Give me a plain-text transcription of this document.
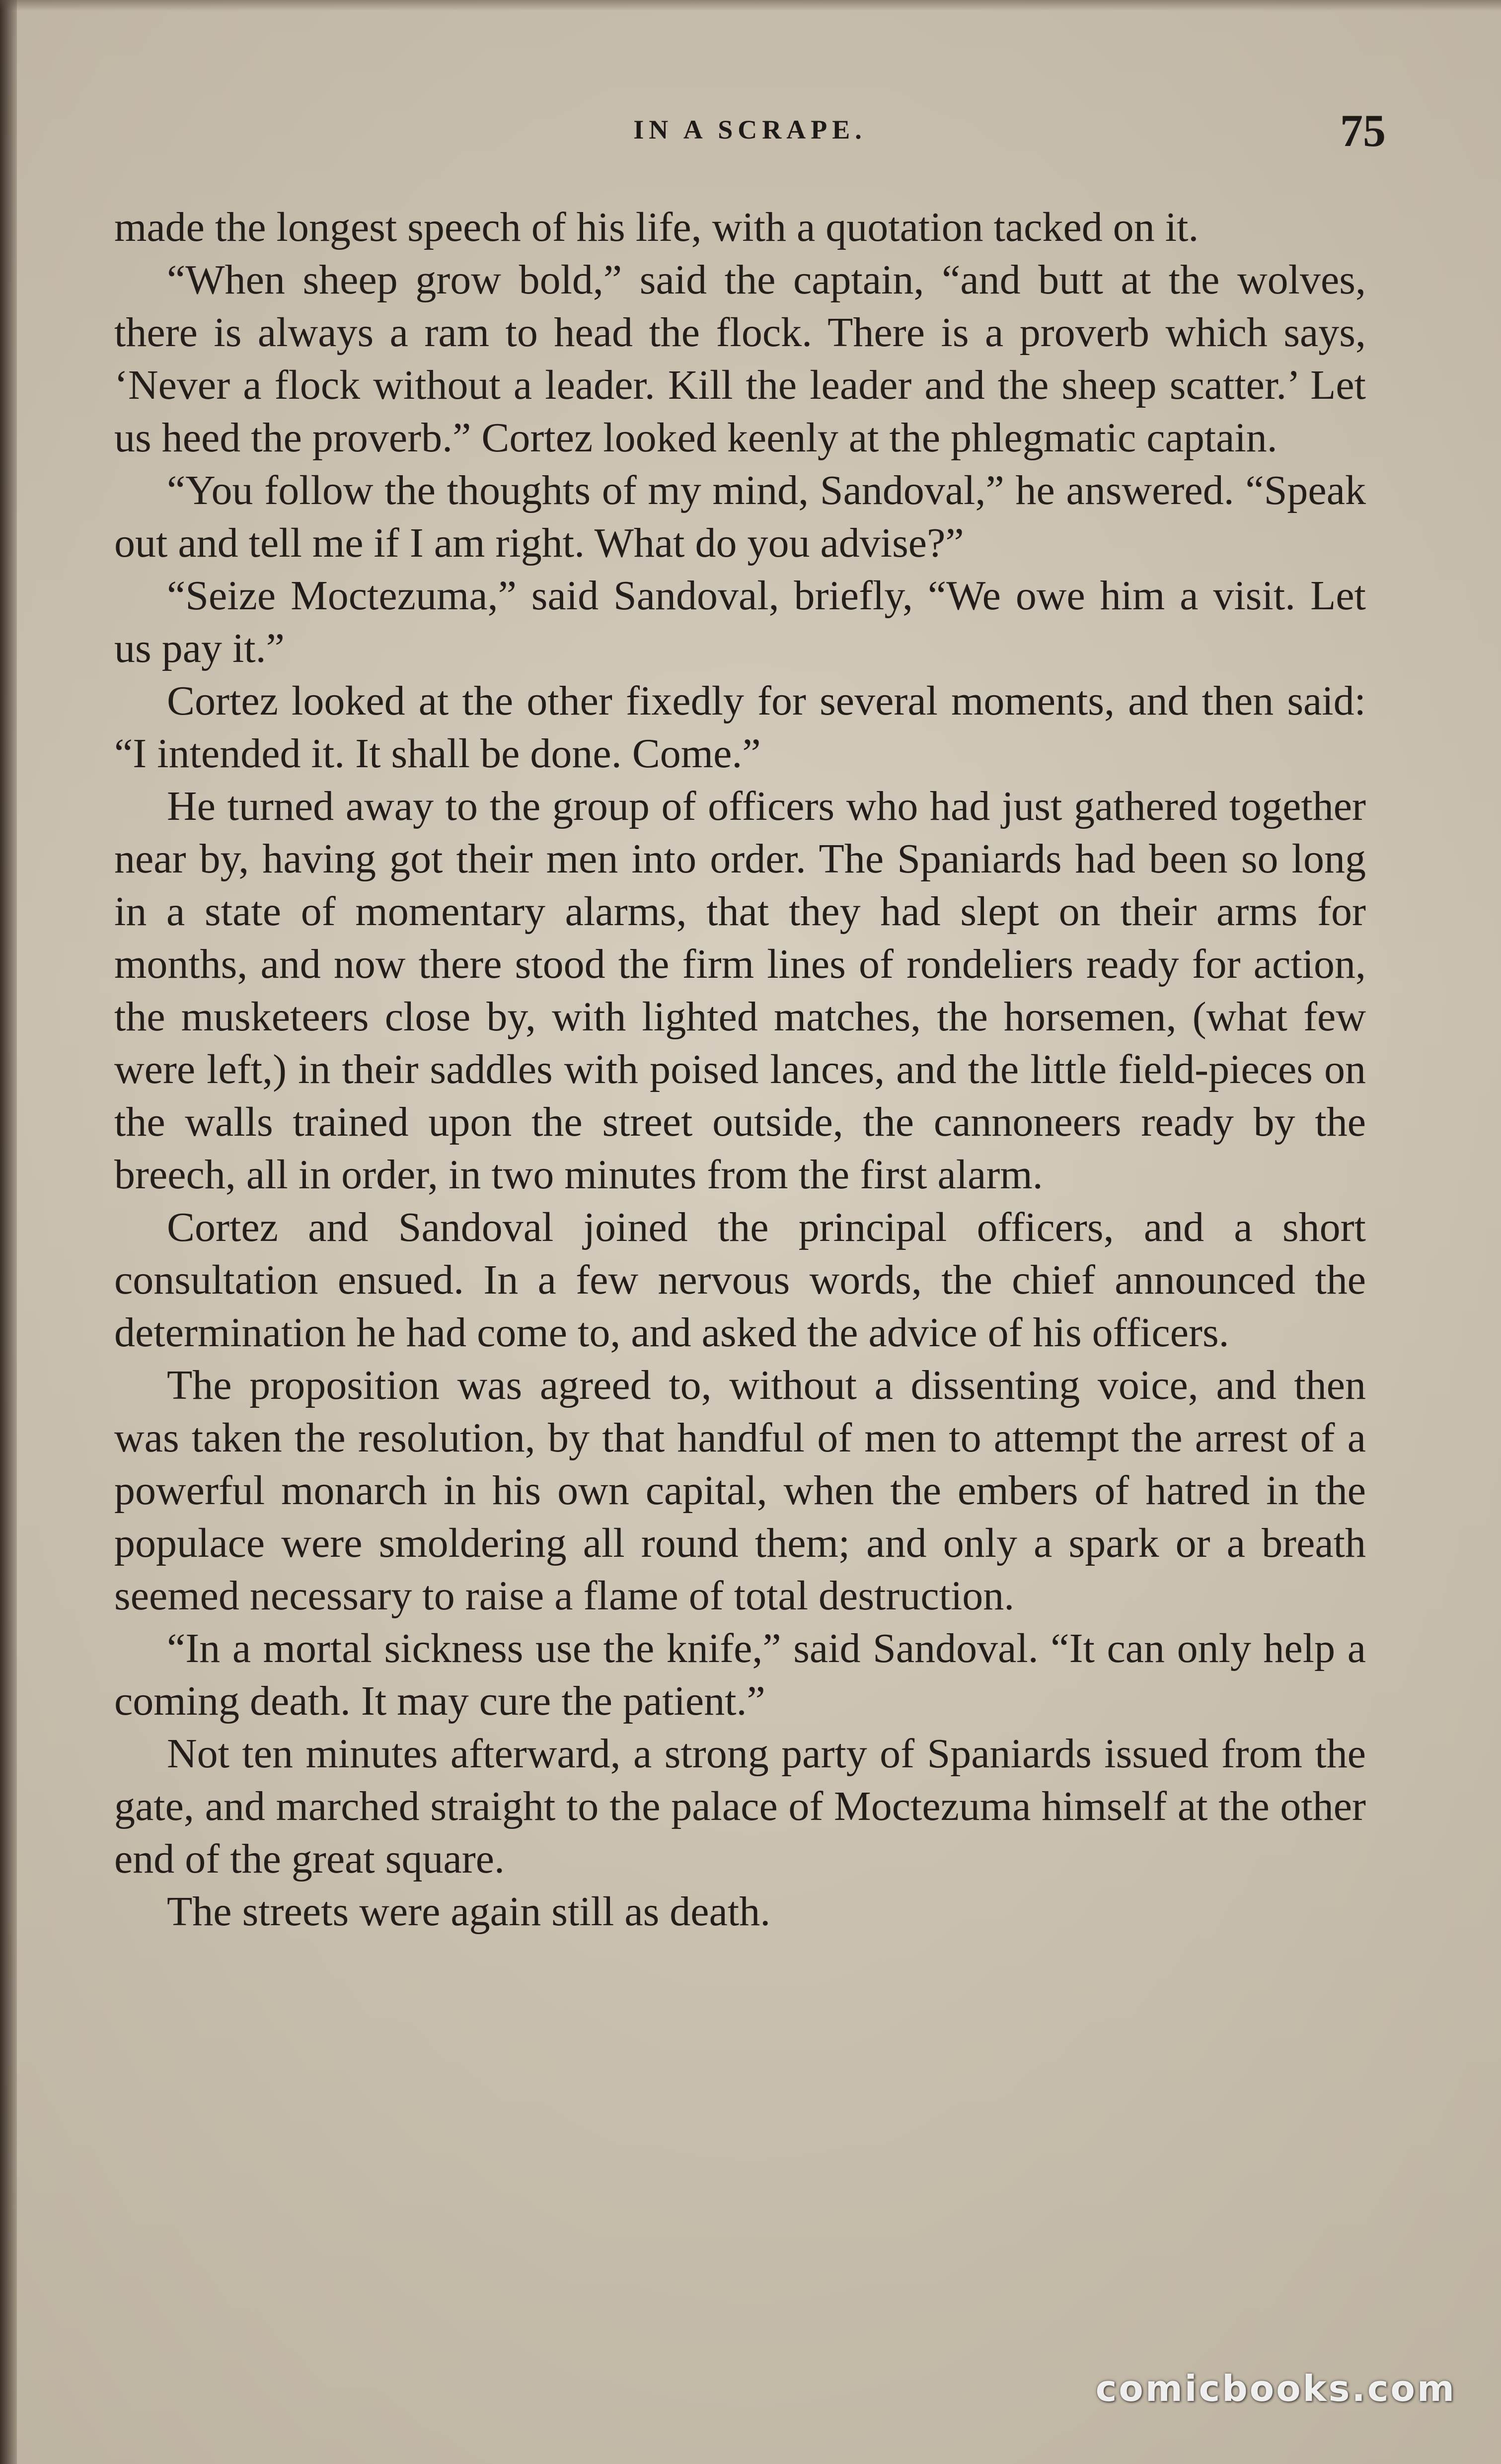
IN A SCRAPE.	75

made the longest speech of his life, with a quotation tacked on it.

“When sheep grow bold,” said the captain, “and butt at the wolves, there is always a ram to head the flock. There is a proverb which says, ‘Never a flock without a leader. Kill the leader and the sheep scatter.’ Let us heed the proverb.” Cortez looked keenly at the phlegmatic captain.

“You follow the thoughts of my mind, Sandoval,” he answered. “Speak out and tell me if I am right. What do you advise?”

“Seize Moctezuma,” said Sandoval, briefly, “We owe him a visit. Let us pay it.”

Cortez looked at the other fixedly for several moments, and then said: “I intended it. It shall be done. Come.”

He turned away to the group of officers who had just gathered together near by, having got their men into order. The Spaniards had been so long in a state of momentary alarms, that they had slept on their arms for months, and now there stood the firm lines of rondeliers ready for action, the musketeers close by, with lighted matches, the horsemen, (what few were left,) in their saddles with poised lances, and the little field-pieces on the walls trained upon the street outside, the cannoneers ready by the breech, all in order, in two minutes from the first alarm.

Cortez and Sandoval joined the principal officers, and a short consultation ensued. In a few nervous words, the chief announced the determination he had come to, and asked the advice of his officers.

The proposition was agreed to, without a dissenting voice, and then was taken the resolution, by that handful of men to attempt the arrest of a powerful monarch in his own capital, when the embers of hatred in the populace were smoldering all round them; and only a spark or a breath seemed necessary to raise a flame of total destruction.

“In a mortal sickness use the knife,” said Sandoval. “It can only help a coming death. It may cure the patient.”

Not ten minutes afterward, a strong party of Spaniards issued from the gate, and marched straight to the palace of Moctezuma himself at the other end of the great square.

The streets were again still as death.

comicbooks.com
